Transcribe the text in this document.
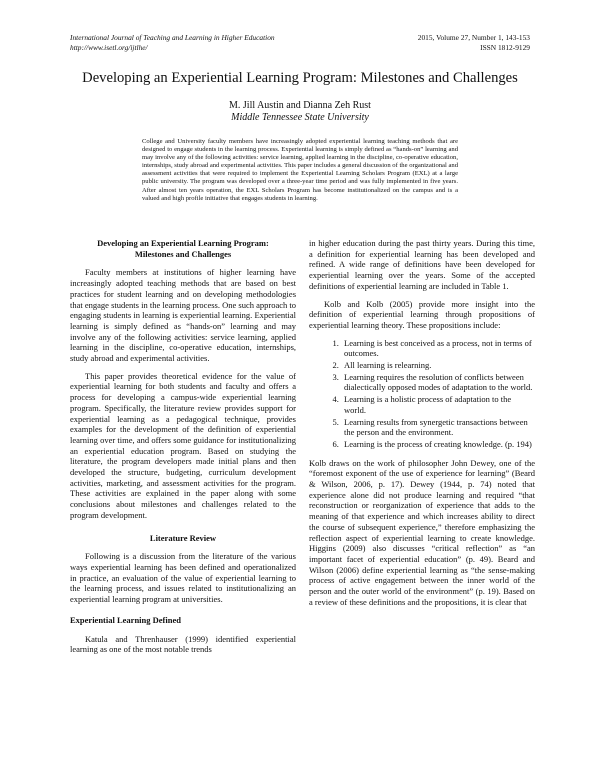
International Journal of Teaching and Learning in Higher Education
http://www.isetl.org/ijtlhe/
2015, Volume 27, Number 1, 143-153
ISSN 1812-9129
Developing an Experiential Learning Program: Milestones and Challenges
M. Jill Austin and Dianna Zeh Rust
Middle Tennessee State University
College and University faculty members have increasingly adopted experiential learning teaching methods that are designed to engage students in the learning process. Experiential learning is simply defined as “hands-on” learning and may involve any of the following activities: service learning, applied learning in the discipline, co-operative education, internships, study abroad and experimental activities. This paper includes a general discussion of the organizational and assessment activities that were required to implement the Experiential Learning Scholars Program (EXL) at a large public university. The program was developed over a three-year time period and was fully implemented in five years. After almost ten years operation, the EXL Scholars Program has become institutionalized on the campus and is a valued and high profile initiative that engages students in learning.
Developing an Experiential Learning Program:
Milestones and Challenges

Faculty members at institutions of higher learning have increasingly adopted teaching methods that are based on best practices for student learning and on developing methodologies that engage students in the learning process. One such approach to engaging students in learning is experiential learning. Experiential learning is simply defined as “hands-on” learning and may involve any of the following activities: service learning, applied learning in the discipline, co-operative education, internships, study abroad and experimental activities.

This paper provides theoretical evidence for the value of experiential learning for both students and faculty and offers a process for developing a campus-wide experiential learning program. Specifically, the literature review provides support for experiential learning as a pedagogical technique, provides examples for the development of the definition of experiential learning over time, and offers some guidance for institutionalizing an experiential education program. Based on studying the literature, the program developers made initial plans and then developed the structure, budgeting, curriculum development activities, marketing, and assessment activities for the program. These activities are explained in the paper along with some conclusions about milestones and challenges related to the program development.

Literature Review

Following is a discussion from the literature of the various ways experiential learning has been defined and operationalized in practice, an evaluation of the value of experiential learning to the learning process, and issues related to institutionalizing an experiential learning program at universities.

Experiential Learning Defined

Katula and Threnhauser (1999) identified experiential learning as one of the most notable trends

in higher education during the past thirty years. During this time, a definition for experiential learning has been developed and refined. A wide range of definitions have been developed for experiential learning over the years. Some of the accepted definitions of experiential learning are included in Table 1.

Kolb and Kolb (2005) provide more insight into the definition of experiential learning through propositions of experiential learning theory. These propositions include:

1. Learning is best conceived as a process, not in terms of outcomes.
2. All learning is relearning.
3. Learning requires the resolution of conflicts between dialectically opposed modes of adaptation to the world.
4. Learning is a holistic process of adaptation to the world.
5. Learning results from synergetic transactions between the person and the environment.
6. Learning is the process of creating knowledge. (p. 194)

Kolb draws on the work of philosopher John Dewey, one of the “foremost exponent of the use of experience for learning” (Beard & Wilson, 2006, p. 17). Dewey (1944, p. 74) noted that experience alone did not produce learning and required “that reconstruction or reorganization of experience that adds to the meaning of that experience and which increases ability to direct the course of subsequent experience,” therefore emphasizing the reflection aspect of experiential learning to create knowledge. Higgins (2009) also discusses “critical reflection” as “an important facet of experiential education” (p. 49). Beard and Wilson (2006) define experiential learning as “the sense-making process of active engagement between the inner world of the person and the outer world of the environment” (p. 19). Based on a review of these definitions and the propositions, it is clear that
